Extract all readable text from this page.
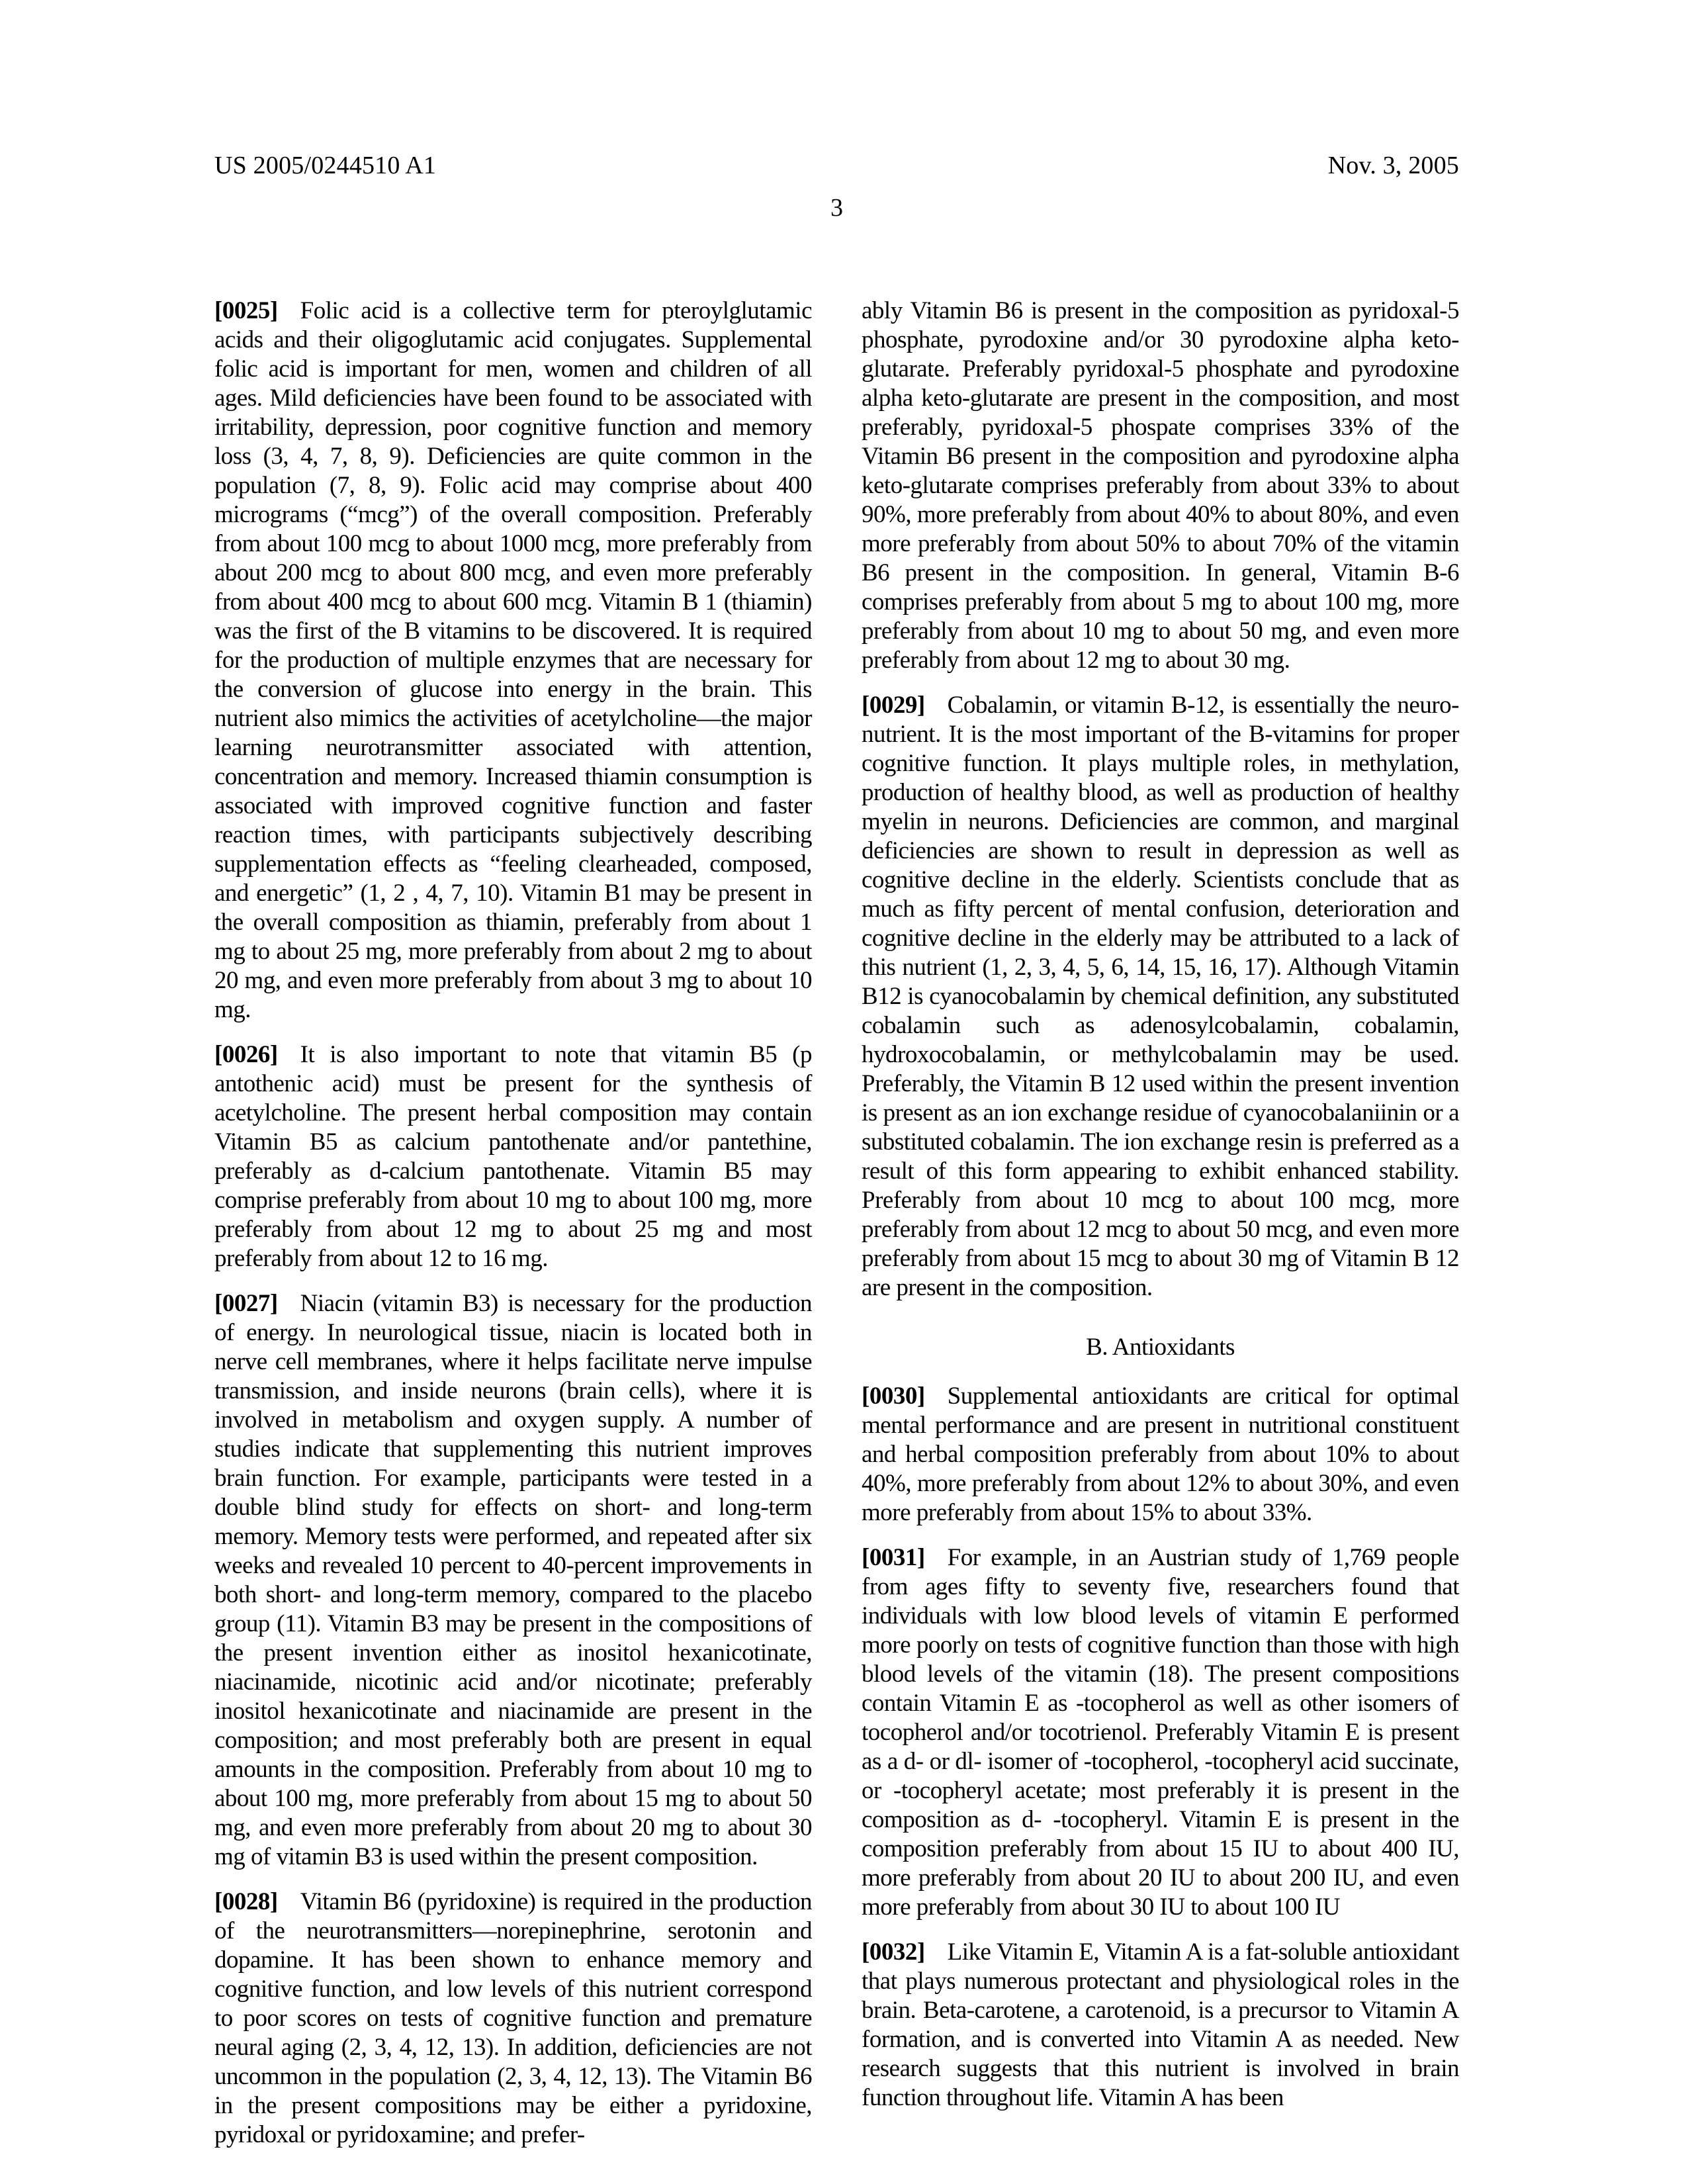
US 2005/0244510 A1	Nov. 3, 2005
3

[0025] Folic acid is a collective term for pteroylglutamic acids and their oligoglutamic acid conjugates. Supplemental folic acid is important for men, women and children of all ages. Mild deficiencies have been found to be associated with irritability, depression, poor cognitive function and memory loss (3, 4, 7, 8, 9). Deficiencies are quite common in the population (7, 8, 9). Folic acid may comprise about 400 micrograms (“mcg”) of the overall composition. Preferably from about 100 mcg to about 1000 mcg, more preferably from about 200 mcg to about 800 mcg, and even more preferably from about 400 mcg to about 600 mcg. Vitamin B 1 (thiamin) was the first of the B vitamins to be discovered. It is required for the production of multiple enzymes that are necessary for the conversion of glucose into energy in the brain. This nutrient also mimics the activities of acetylcholine—the major learning neurotransmitter associated with attention, concentration and memory. Increased thiamin consumption is associated with improved cognitive function and faster reaction times, with participants subjectively describing supplementation effects as “feeling clearheaded, composed, and energetic” (1, 2 , 4, 7, 10). Vitamin B1 may be present in the overall composition as thiamin, preferably from about 1 mg to about 25 mg, more preferably from about 2 mg to about 20 mg, and even more preferably from about 3 mg to about 10 mg.

[0026] It is also important to note that vitamin B5 (p antothenic acid) must be present for the synthesis of acetylcholine. The present herbal composition may contain Vitamin B5 as calcium pantothenate and/or pantethine, preferably as d-calcium pantothenate. Vitamin B5 may comprise preferably from about 10 mg to about 100 mg, more preferably from about 12 mg to about 25 mg and most preferably from about 12 to 16 mg.

[0027] Niacin (vitamin B3) is necessary for the production of energy. In neurological tissue, niacin is located both in nerve cell membranes, where it helps facilitate nerve impulse transmission, and inside neurons (brain cells), where it is involved in metabolism and oxygen supply. A number of studies indicate that supplementing this nutrient improves brain function. For example, participants were tested in a double blind study for effects on short- and long-term memory. Memory tests were performed, and repeated after six weeks and revealed 10 percent to 40-percent improvements in both short- and long-term memory, compared to the placebo group (11). Vitamin B3 may be present in the compositions of the present invention either as inositol hexanicotinate, niacinamide, nicotinic acid and/or nicotinate; preferably inositol hexanicotinate and niacinamide are present in the composition; and most preferably both are present in equal amounts in the composition. Preferably from about 10 mg to about 100 mg, more preferably from about 15 mg to about 50 mg, and even more preferably from about 20 mg to about 30 mg of vitamin B3 is used within the present composition.

[0028] Vitamin B6 (pyridoxine) is required in the production of the neurotransmitters—norepinephrine, serotonin and dopamine. It has been shown to enhance memory and cognitive function, and low levels of this nutrient correspond to poor scores on tests of cognitive function and premature neural aging (2, 3, 4, 12, 13). In addition, deficiencies are not uncommon in the population (2, 3, 4, 12, 13). The Vitamin B6 in the present compositions may be either a pyridoxine, pyridoxal or pyridoxamine; and prefer-

ably Vitamin B6 is present in the composition as pyridoxal-5 phosphate, pyrodoxine and/or 30 pyrodoxine alpha keto-glutarate. Preferably pyridoxal-5 phosphate and pyrodoxine alpha keto-glutarate are present in the composition, and most preferably, pyridoxal-5 phospate comprises 33% of the Vitamin B6 present in the composition and pyrodoxine alpha keto-glutarate comprises preferably from about 33% to about 90%, more preferably from about 40% to about 80%, and even more preferably from about 50% to about 70% of the vitamin B6 present in the composition. In general, Vitamin B-6 comprises preferably from about 5 mg to about 100 mg, more preferably from about 10 mg to about 50 mg, and even more preferably from about 12 mg to about 30 mg.

[0029] Cobalamin, or vitamin B-12, is essentially the neuro-nutrient. It is the most important of the B-vitamins for proper cognitive function. It plays multiple roles, in methylation, production of healthy blood, as well as production of healthy myelin in neurons. Deficiencies are common, and marginal deficiencies are shown to result in depression as well as cognitive decline in the elderly. Scientists conclude that as much as fifty percent of mental confusion, deterioration and cognitive decline in the elderly may be attributed to a lack of this nutrient (1, 2, 3, 4, 5, 6, 14, 15, 16, 17). Although Vitamin B12 is cyanocobalamin by chemical definition, any substituted cobalamin such as adenosylcobalamin, cobalamin, hydroxocobalamin, or methylcobalamin may be used. Preferably, the Vitamin B 12 used within the present invention is present as an ion exchange residue of cyanocobalaniinin or a substituted cobalamin. The ion exchange resin is preferred as a result of this form appearing to exhibit enhanced stability. Preferably from about 10 mcg to about 100 mcg, more preferably from about 12 mcg to about 50 mcg, and even more preferably from about 15 mcg to about 30 mg of Vitamin B 12 are present in the composition.

B. Antioxidants

[0030] Supplemental antioxidants are critical for optimal mental performance and are present in nutritional constituent and herbal composition preferably from about 10% to about 40%, more preferably from about 12% to about 30%, and even more preferably from about 15% to about 33%.

[0031] For example, in an Austrian study of 1,769 people from ages fifty to seventy five, researchers found that individuals with low blood levels of vitamin E performed more poorly on tests of cognitive function than those with high blood levels of the vitamin (18). The present compositions contain Vitamin E as -tocopherol as well as other isomers of tocopherol and/or tocotrienol. Preferably Vitamin E is present as a d- or dl- isomer of -tocopherol, -tocopheryl acid succinate, or -tocopheryl acetate; most preferably it is present in the composition as d- -tocopheryl. Vitamin E is present in the composition preferably from about 15 IU to about 400 IU, more preferably from about 20 IU to about 200 IU, and even more preferably from about 30 IU to about 100 IU

[0032] Like Vitamin E, Vitamin A is a fat-soluble antioxidant that plays numerous protectant and physiological roles in the brain. Beta-carotene, a carotenoid, is a precursor to Vitamin A formation, and is converted into Vitamin A as needed. New research suggests that this nutrient is involved in brain function throughout life. Vitamin A has been
